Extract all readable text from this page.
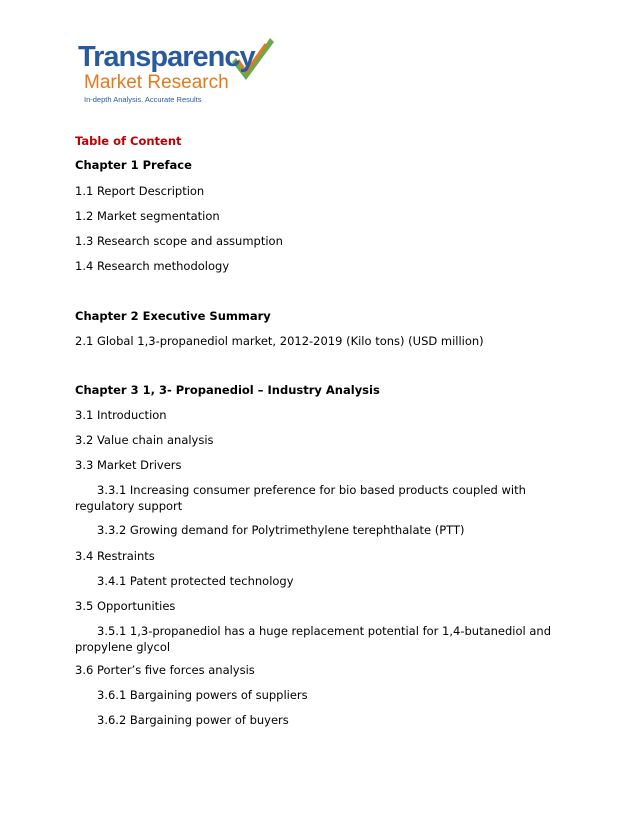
Transparency
Market Research
In-depth Analysis. Accurate Results
Table of Content
Chapter 1 Preface
1.1 Report Description
1.2 Market segmentation
1.3 Research scope and assumption
1.4 Research methodology
Chapter 2 Executive Summary
2.1 Global 1,3-propanediol market, 2012-2019 (Kilo tons) (USD million)
Chapter 3 1, 3- Propanediol – Industry Analysis
3.1 Introduction
3.2 Value chain analysis
3.3 Market Drivers
3.3.1 Increasing consumer preference for bio based products coupled with regulatory support
3.3.2 Growing demand for Polytrimethylene terephthalate (PTT)
3.4 Restraints
3.4.1 Patent protected technology
3.5 Opportunities
3.5.1 1,3-propanediol has a huge replacement potential for 1,4-butanediol and propylene glycol
3.6 Porter’s five forces analysis
3.6.1 Bargaining powers of suppliers
3.6.2 Bargaining power of buyers
